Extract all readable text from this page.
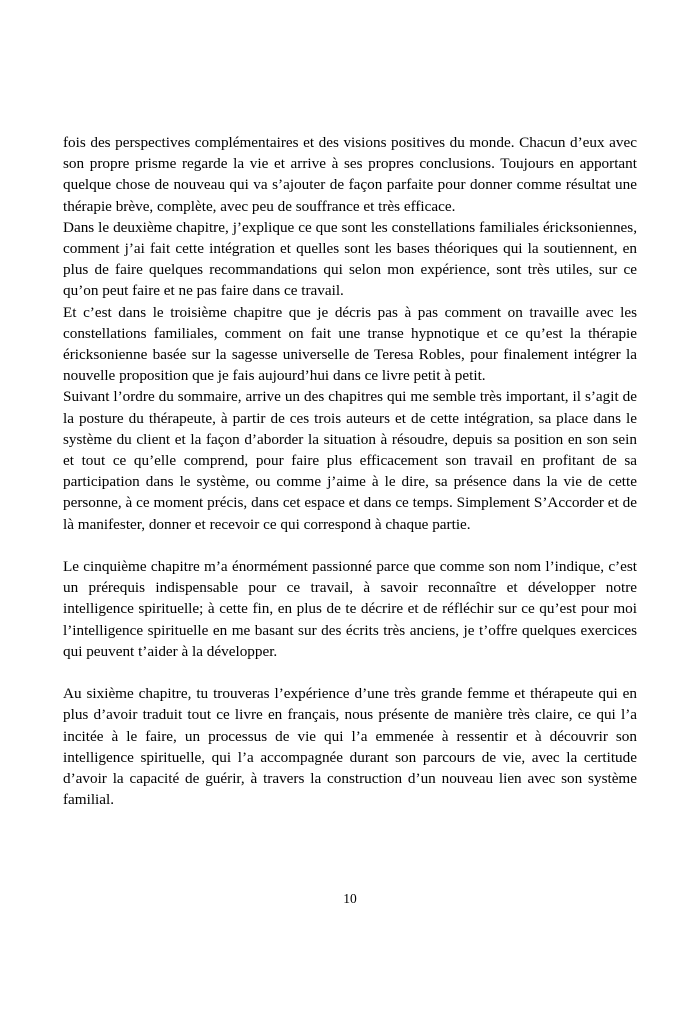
fois des perspectives complémentaires et des visions positives du monde. Chacun d’eux avec son propre prisme regarde la vie et arrive à ses propres conclusions. Toujours en apportant quelque chose de nouveau qui va s’ajouter de façon parfaite pour donner comme résultat une thérapie brève, complète, avec peu de souffrance et très efficace.

Dans le deuxième chapitre, j’explique ce que sont les constellations familiales éricksoniennes, comment j’ai fait cette intégration et quelles sont les bases théoriques qui la soutiennent, en plus de faire quelques recommandations qui selon mon expérience, sont très utiles, sur ce qu’on peut faire et ne pas faire dans ce travail.

Et c’est dans le troisième chapitre que je décris pas à pas comment on travaille avec les constellations familiales, comment on fait une transe hypnotique et ce qu’est la thérapie éricksonienne basée sur la sagesse universelle de Teresa Robles, pour finalement intégrer la nouvelle proposition que je fais aujourd’hui dans ce livre petit à petit.

Suivant l’ordre du sommaire, arrive un des chapitres qui me semble très important, il s’agit de la posture du thérapeute, à partir de ces trois auteurs et de cette intégration, sa place dans le système du client et la façon d’aborder la situation à résoudre, depuis sa position en son sein et tout ce qu’elle comprend, pour faire plus efficacement son travail en profitant de sa participation dans le système, ou comme j’aime à le dire, sa présence dans la vie de cette personne, à ce moment précis, dans cet espace et dans ce temps. Simplement S’Accorder et de là manifester, donner et recevoir ce qui correspond à chaque partie.

Le cinquième chapitre m’a énormément passionné parce que comme son nom l’indique, c’est un prérequis indispensable pour ce travail, à savoir reconnaître et développer notre intelligence spirituelle; à cette fin, en plus de te décrire et de réfléchir sur ce qu’est pour moi l’intelligence spirituelle en me basant sur des écrits très anciens, je t’offre quelques exercices qui peuvent t’aider à la développer.

Au sixième chapitre, tu trouveras l’expérience d’une très grande femme et thérapeute qui en plus d’avoir traduit tout ce livre en français, nous présente de manière très claire, ce qui l’a incitée à le faire, un processus de vie qui l’a emmenée à ressentir et à découvrir son intelligence spirituelle, qui l’a accompagnée durant son parcours de vie, avec la certitude d’avoir la capacité de guérir, à travers la construction d’un nouveau lien avec son système familial.

10
